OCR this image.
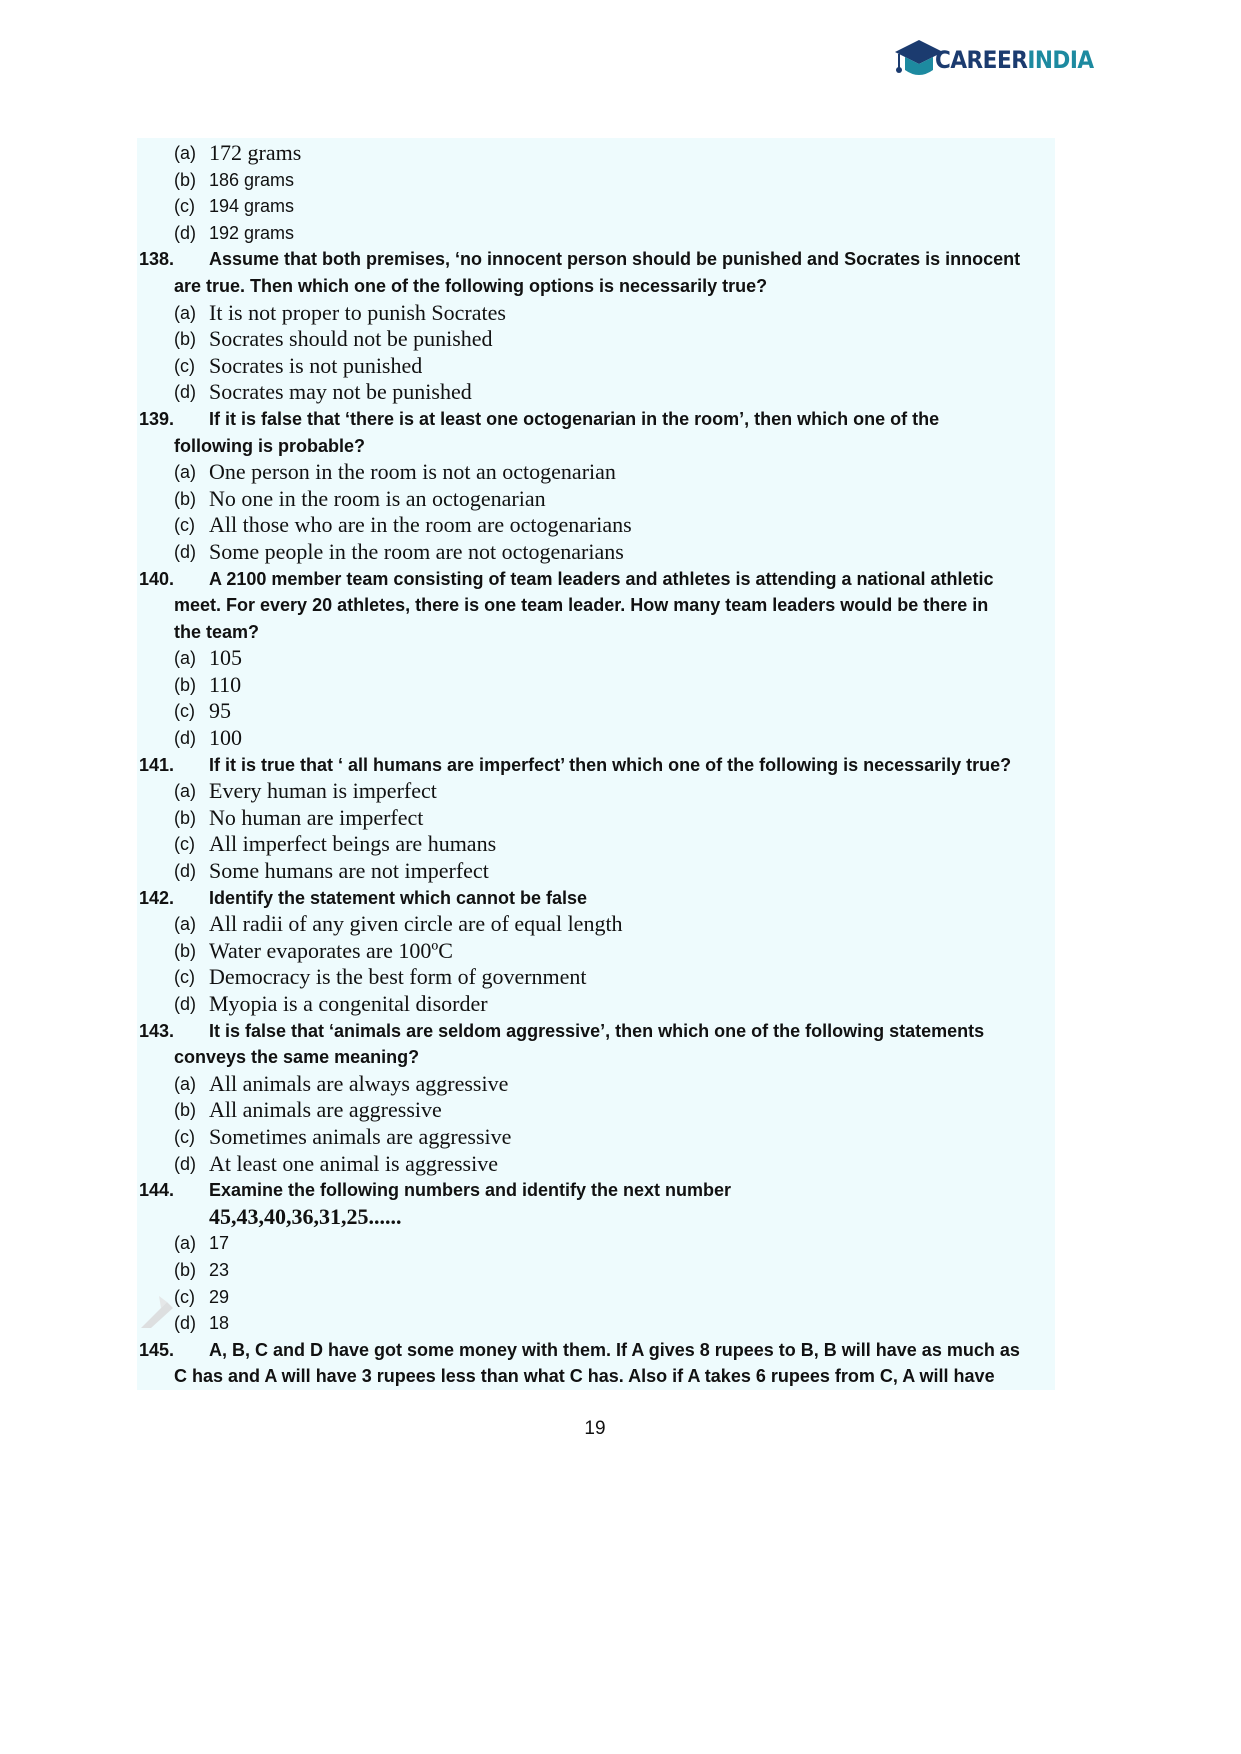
CAREERINDIA
(a) 172 grams
(b) 186 grams
(c) 194 grams
(d) 192 grams
138. Assume that both premises, ‘no innocent person should be punished and Socrates is innocent
are true. Then which one of the following options is necessarily true?
(a) It is not proper to punish Socrates
(b) Socrates should not be punished
(c) Socrates is not punished
(d) Socrates may not be punished
139. If it is false that ‘there is at least one octogenarian in the room’, then which one of the
following is probable?
(a) One person in the room is not an octogenarian
(b) No one in the room is an octogenarian
(c) All those who are in the room are octogenarians
(d) Some people in the room are not octogenarians
140. A 2100 member team consisting of team leaders and athletes is attending a national athletic
meet. For every 20 athletes, there is one team leader. How many team leaders would be there in
the team?
(a) 105
(b) 110
(c) 95
(d) 100
141. If it is true that ‘ all humans are imperfect’ then which one of the following is necessarily true?
(a) Every human is imperfect
(b) No human are imperfect
(c) All imperfect beings are humans
(d) Some humans are not imperfect
142. Identify the statement which cannot be false
(a) All radii of any given circle are of equal length
(b) Water evaporates are 100ºC
(c) Democracy is the best form of government
(d) Myopia is a congenital disorder
143. It is false that ‘animals are seldom aggressive’, then which one of the following statements
conveys the same meaning?
(a) All animals are always aggressive
(b) All animals are aggressive
(c) Sometimes animals are aggressive
(d) At least one animal is aggressive
144. Examine the following numbers and identify the next number
45,43,40,36,31,25......
(a) 17
(b) 23
(c) 29
(d) 18
145. A, B, C and D have got some money with them. If A gives 8 rupees to B, B will have as much as
C has and A will have 3 rupees less than what C has. Also if A takes 6 rupees from C, A will have
19
